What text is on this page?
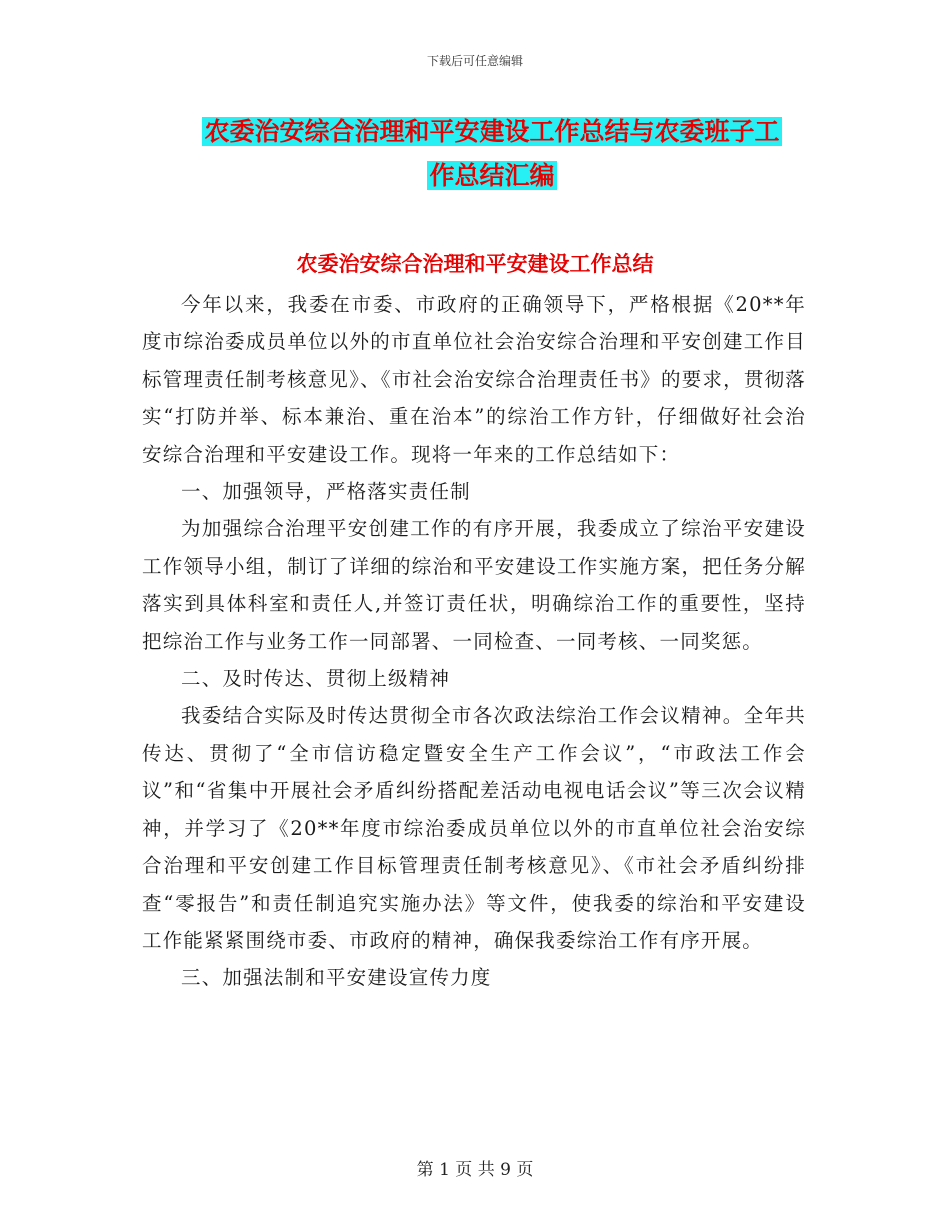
下载后可任意编辑
农委治安综合治理和平安建设工作总结与农委班子工
作总结汇编
农委治安综合治理和平安建设工作总结

今年以来，我委在市委、市政府的正确领导下，严格根据《20**年度市综治委成员单位以外的市直单位社会治安综合治理和平安创建工作目标管理责任制考核意见》、《市社会治安综合治理责任书》的要求，贯彻落实“打防并举、标本兼治、重在治本”的综治工作方针，仔细做好社会治安综合治理和平安建设工作。现将一年来的工作总结如下：

一、加强领导，严格落实责任制

为加强综合治理平安创建工作的有序开展，我委成立了综治平安建设工作领导小组，制订了详细的综治和平安建设工作实施方案，把任务分解落实到具体科室和责任人,并签订责任状，明确综治工作的重要性，坚持把综治工作与业务工作一同部署、一同检查、一同考核、一同奖惩。

二、及时传达、贯彻上级精神

我委结合实际及时传达贯彻全市各次政法综治工作会议精神。全年共传达、贯彻了“全市信访稳定暨安全生产工作会议”，“市政法工作会议”和“省集中开展社会矛盾纠纷搭配差活动电视电话会议”等三次会议精神，并学习了《20**年度市综治委成员单位以外的市直单位社会治安综合治理和平安创建工作目标管理责任制考核意见》、《市社会矛盾纠纷排查“零报告”和责任制追究实施办法》等文件，使我委的综治和平安建设工作能紧紧围绕市委、市政府的精神，确保我委综治工作有序开展。

三、加强法制和平安建设宣传力度

第 1 页 共 9 页
